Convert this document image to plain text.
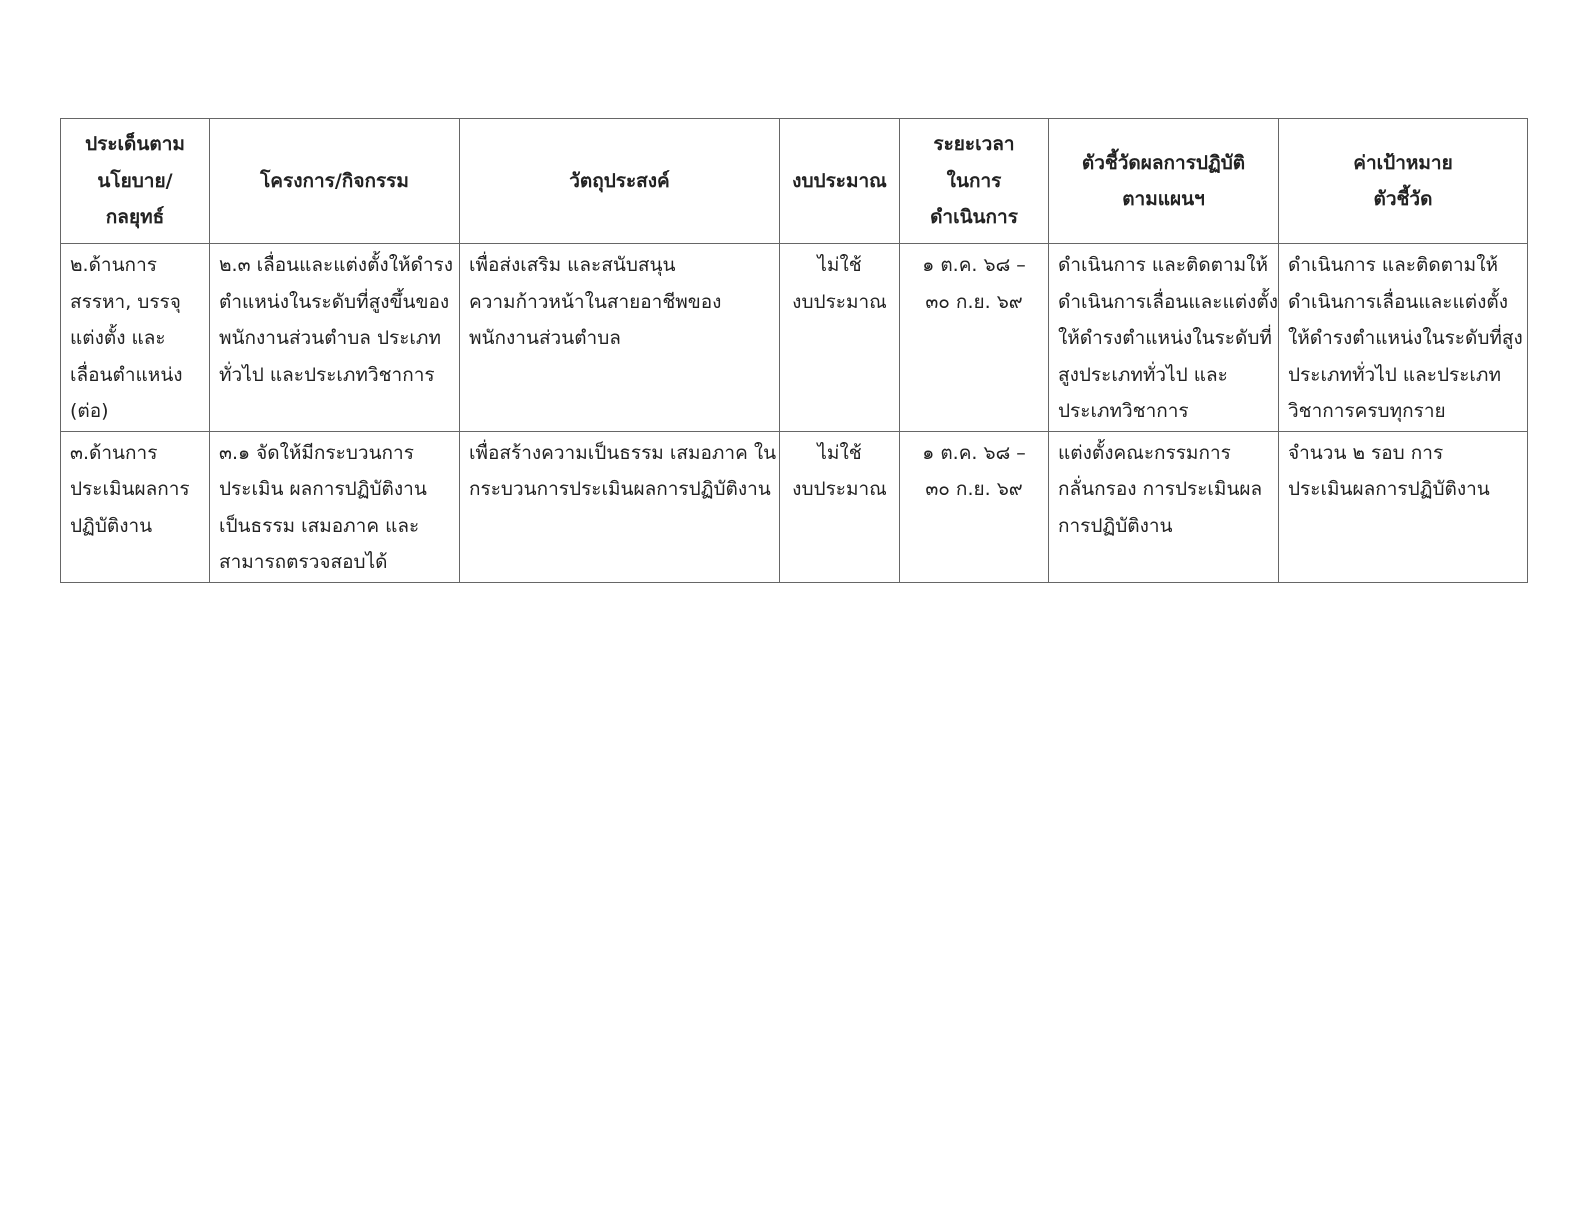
ประเด็นตาม
นโยบาย/
กลยุทธ์	โครงการ/กิจกรรม	วัตถุประสงค์	งบประมาณ	ระยะเวลา
ในการ
ดำเนินการ	ตัวชี้วัดผลการปฏิบัติ
ตามแผนฯ	ค่าเป้าหมาย
ตัวชี้วัด

๒.ด้านการ
สรรหา, บรรจุ
แต่งตั้ง และ
เลื่อนตำแหน่ง
(ต่อ)	๒.๓ เลื่อนและแต่งตั้งให้ดำรง
ตำแหน่งในระดับที่สูงขึ้นของ
พนักงานส่วนตำบล ประเภท
ทั่วไป และประเภทวิชาการ	เพื่อส่งเสริม และสนับสนุน
ความก้าวหน้าในสายอาชีพของ
พนักงานส่วนตำบล	ไม่ใช้
งบประมาณ	๑ ต.ค. ๖๘ –
๓๐ ก.ย. ๖๙	ดำเนินการ และติดตามให้
ดำเนินการเลื่อนและแต่งตั้ง
ให้ดำรงตำแหน่งในระดับที่
สูงประเภททั่วไป และ
ประเภทวิชาการ	ดำเนินการ และติดตามให้
ดำเนินการเลื่อนและแต่งตั้ง
ให้ดำรงตำแหน่งในระดับที่สูง
ประเภททั่วไป และประเภท
วิชาการครบทุกราย

๓.ด้านการ
ประเมินผลการ
ปฏิบัติงาน	๓.๑ จัดให้มีกระบวนการ
ประเมิน ผลการปฏิบัติงาน
เป็นธรรม เสมอภาค และ
สามารถตรวจสอบได้	เพื่อสร้างความเป็นธรรม เสมอภาค ใน
กระบวนการประเมินผลการปฏิบัติงาน	ไม่ใช้
งบประมาณ	๑ ต.ค. ๖๘ –
๓๐ ก.ย. ๖๙	แต่งตั้งคณะกรรมการ
กลั่นกรอง การประเมินผล
การปฏิบัติงาน	จำนวน ๒ รอบ การ
ประเมินผลการปฏิบัติงาน
